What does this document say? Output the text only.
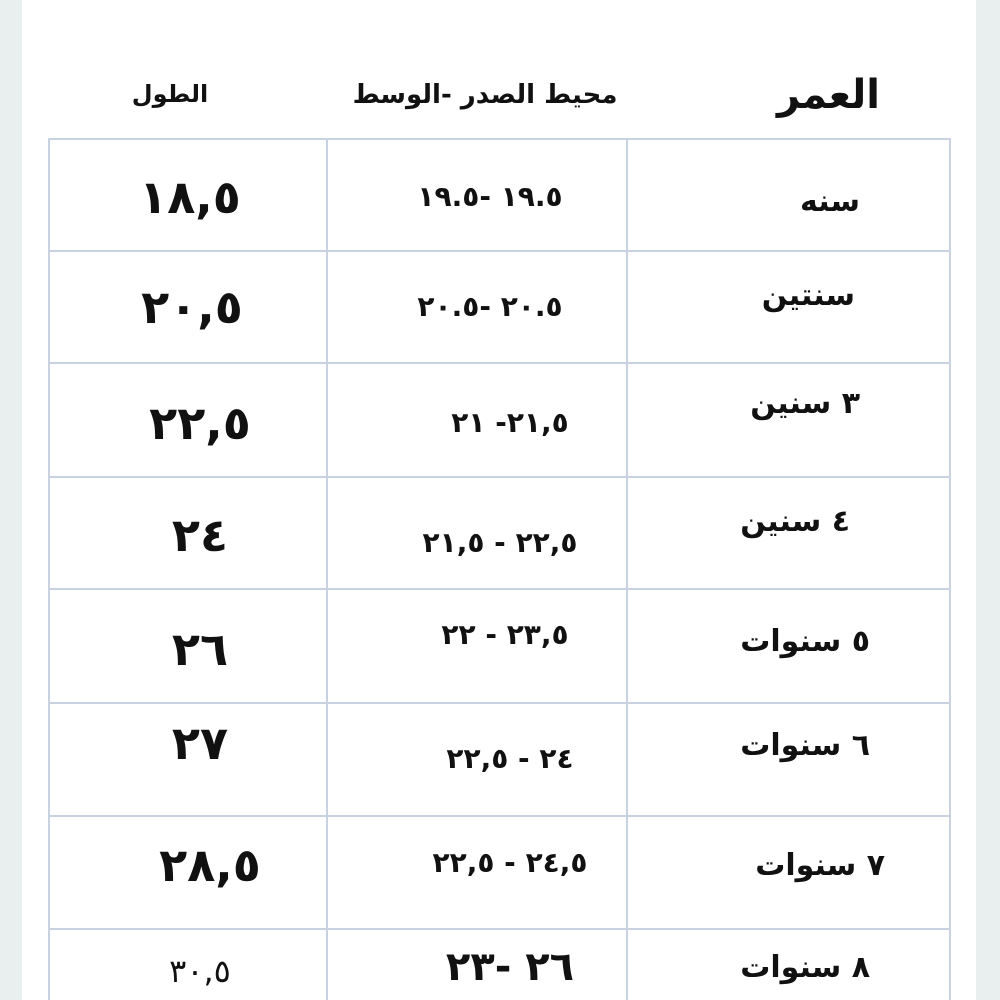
العمر
محيط الصدر -الوسط
الطول
سنه
١٩.٥ -١٩.٥
١٨,٥
سنتين
٢٠.٥ -٢٠.٥
٢٠,٥
٣ سنين
٢١,٥- ٢١
٢٢,٥
٤ سنين
٢٢,٥ - ٢١,٥
٢٤
٥ سنوات
٢٣,٥ - ٢٢
٢٦
٦ سنوات
٢٤ - ٢٢,٥
٢٧
٧ سنوات
٢٤,٥ - ٢٢,٥
٢٨,٥
٨ سنوات
٢٦ -٢٣
٣٠,٥
